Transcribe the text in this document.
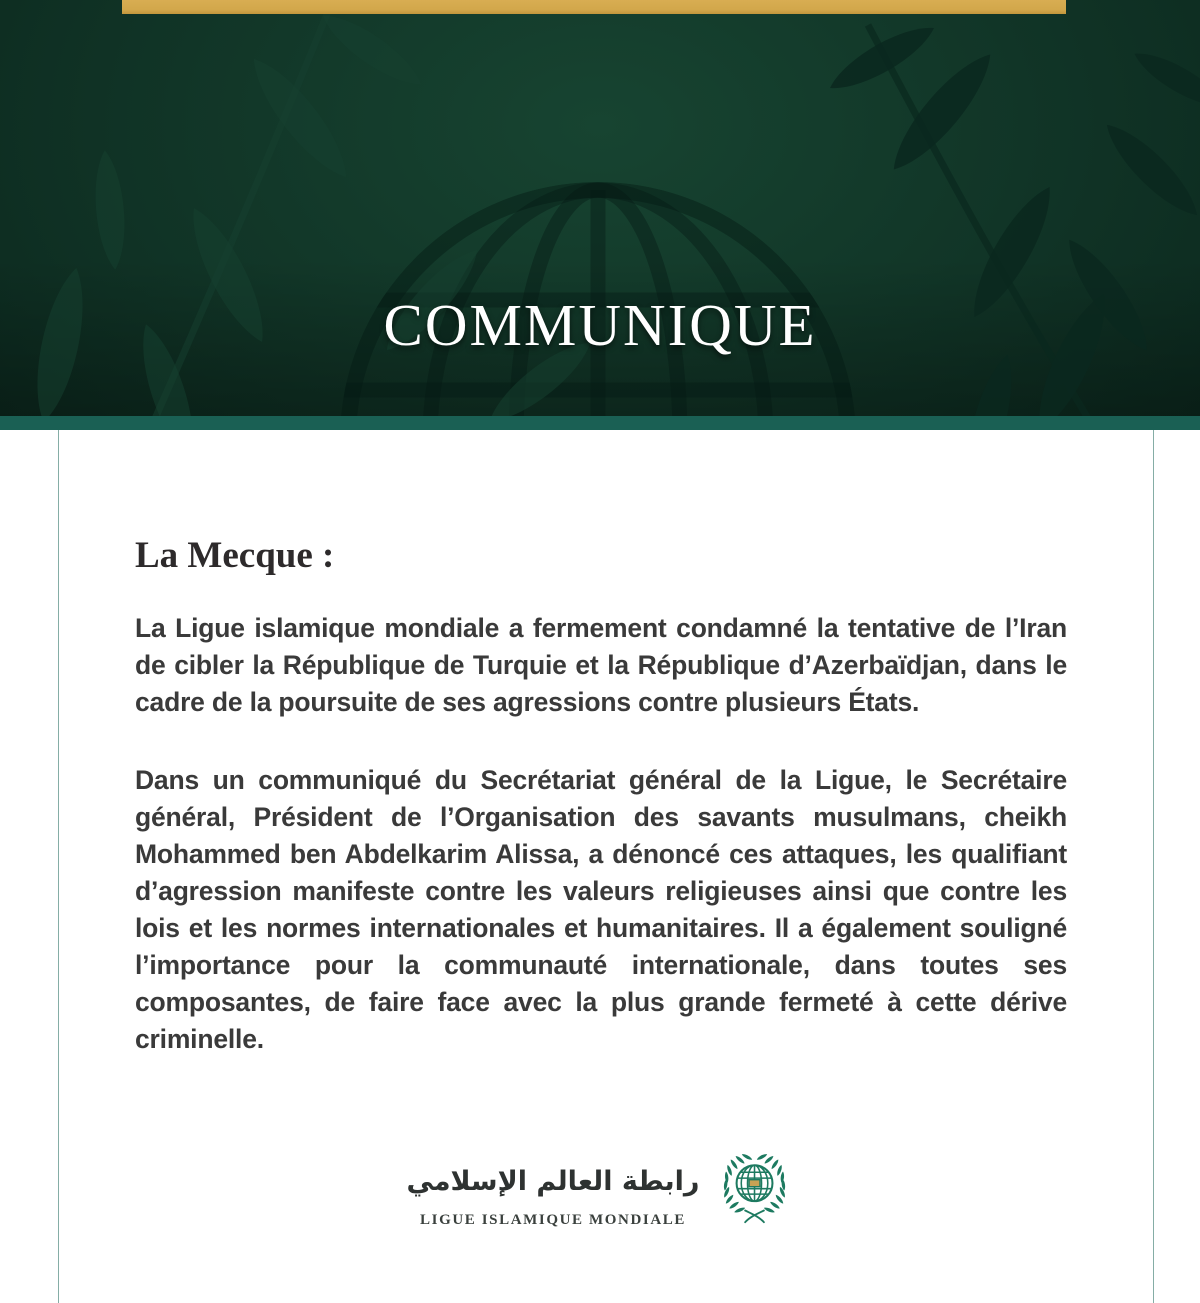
COMMUNIQUE
La Mecque :

La Ligue islamique mondiale a fermement condamné la tentative de l’Iran de cibler la République de Turquie et la République d’Azerbaïdjan, dans le cadre de la poursuite de ses agressions contre plusieurs États.

Dans un communiqué du Secrétariat général de la Ligue, le Secrétaire général, Président de l’Organisation des savants musulmans, cheikh Mohammed ben Abdelkarim Alissa, a dénoncé ces attaques, les qualifiant d’agression manifeste contre les valeurs religieuses ainsi que contre les lois et les normes internationales et humanitaires. Il a également souligné l’importance pour la communauté internationale, dans toutes ses composantes, de faire face avec la plus grande fermeté à cette dérive criminelle.

رابطة العالم الإسلامي
LIGUE ISLAMIQUE MONDIALE
